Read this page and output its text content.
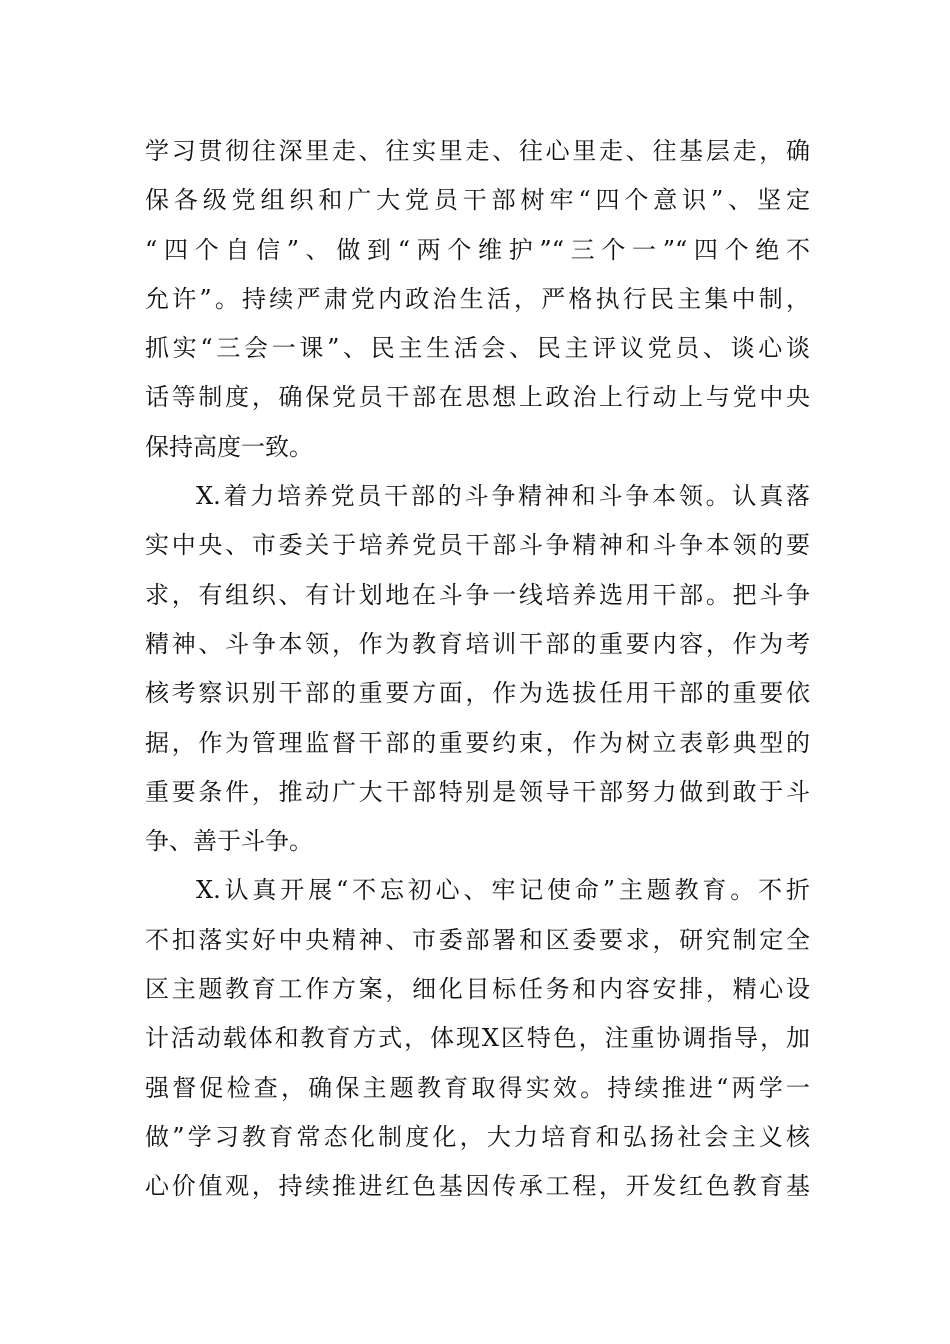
学习贯彻往深里走、往实里走、往心里走、往基层走，确
保各级党组织和广大党员干部树牢“四个意识”、坚定
“四个自信”、做到“两个维护”“三个一”“四个绝不
允许”。持续严肃党内政治生活，严格执行民主集中制，
抓实“三会一课”、民主生活会、民主评议党员、谈心谈
话等制度，确保党员干部在思想上政治上行动上与党中央
保持高度一致。
X.着力培养党员干部的斗争精神和斗争本领。认真落
实中央、市委关于培养党员干部斗争精神和斗争本领的要
求，有组织、有计划地在斗争一线培养选用干部。把斗争
精神、斗争本领，作为教育培训干部的重要内容，作为考
核考察识别干部的重要方面，作为选拔任用干部的重要依
据，作为管理监督干部的重要约束，作为树立表彰典型的
重要条件，推动广大干部特别是领导干部努力做到敢于斗
争、善于斗争。
X.认真开展“不忘初心、牢记使命”主题教育。不折
不扣落实好中央精神、市委部署和区委要求，研究制定全
区主题教育工作方案，细化目标任务和内容安排，精心设
计活动载体和教育方式，体现X区特色，注重协调指导，加
强督促检查，确保主题教育取得实效。持续推进“两学一
做”学习教育常态化制度化，大力培育和弘扬社会主义核
心价值观，持续推进红色基因传承工程，开发红色教育基
